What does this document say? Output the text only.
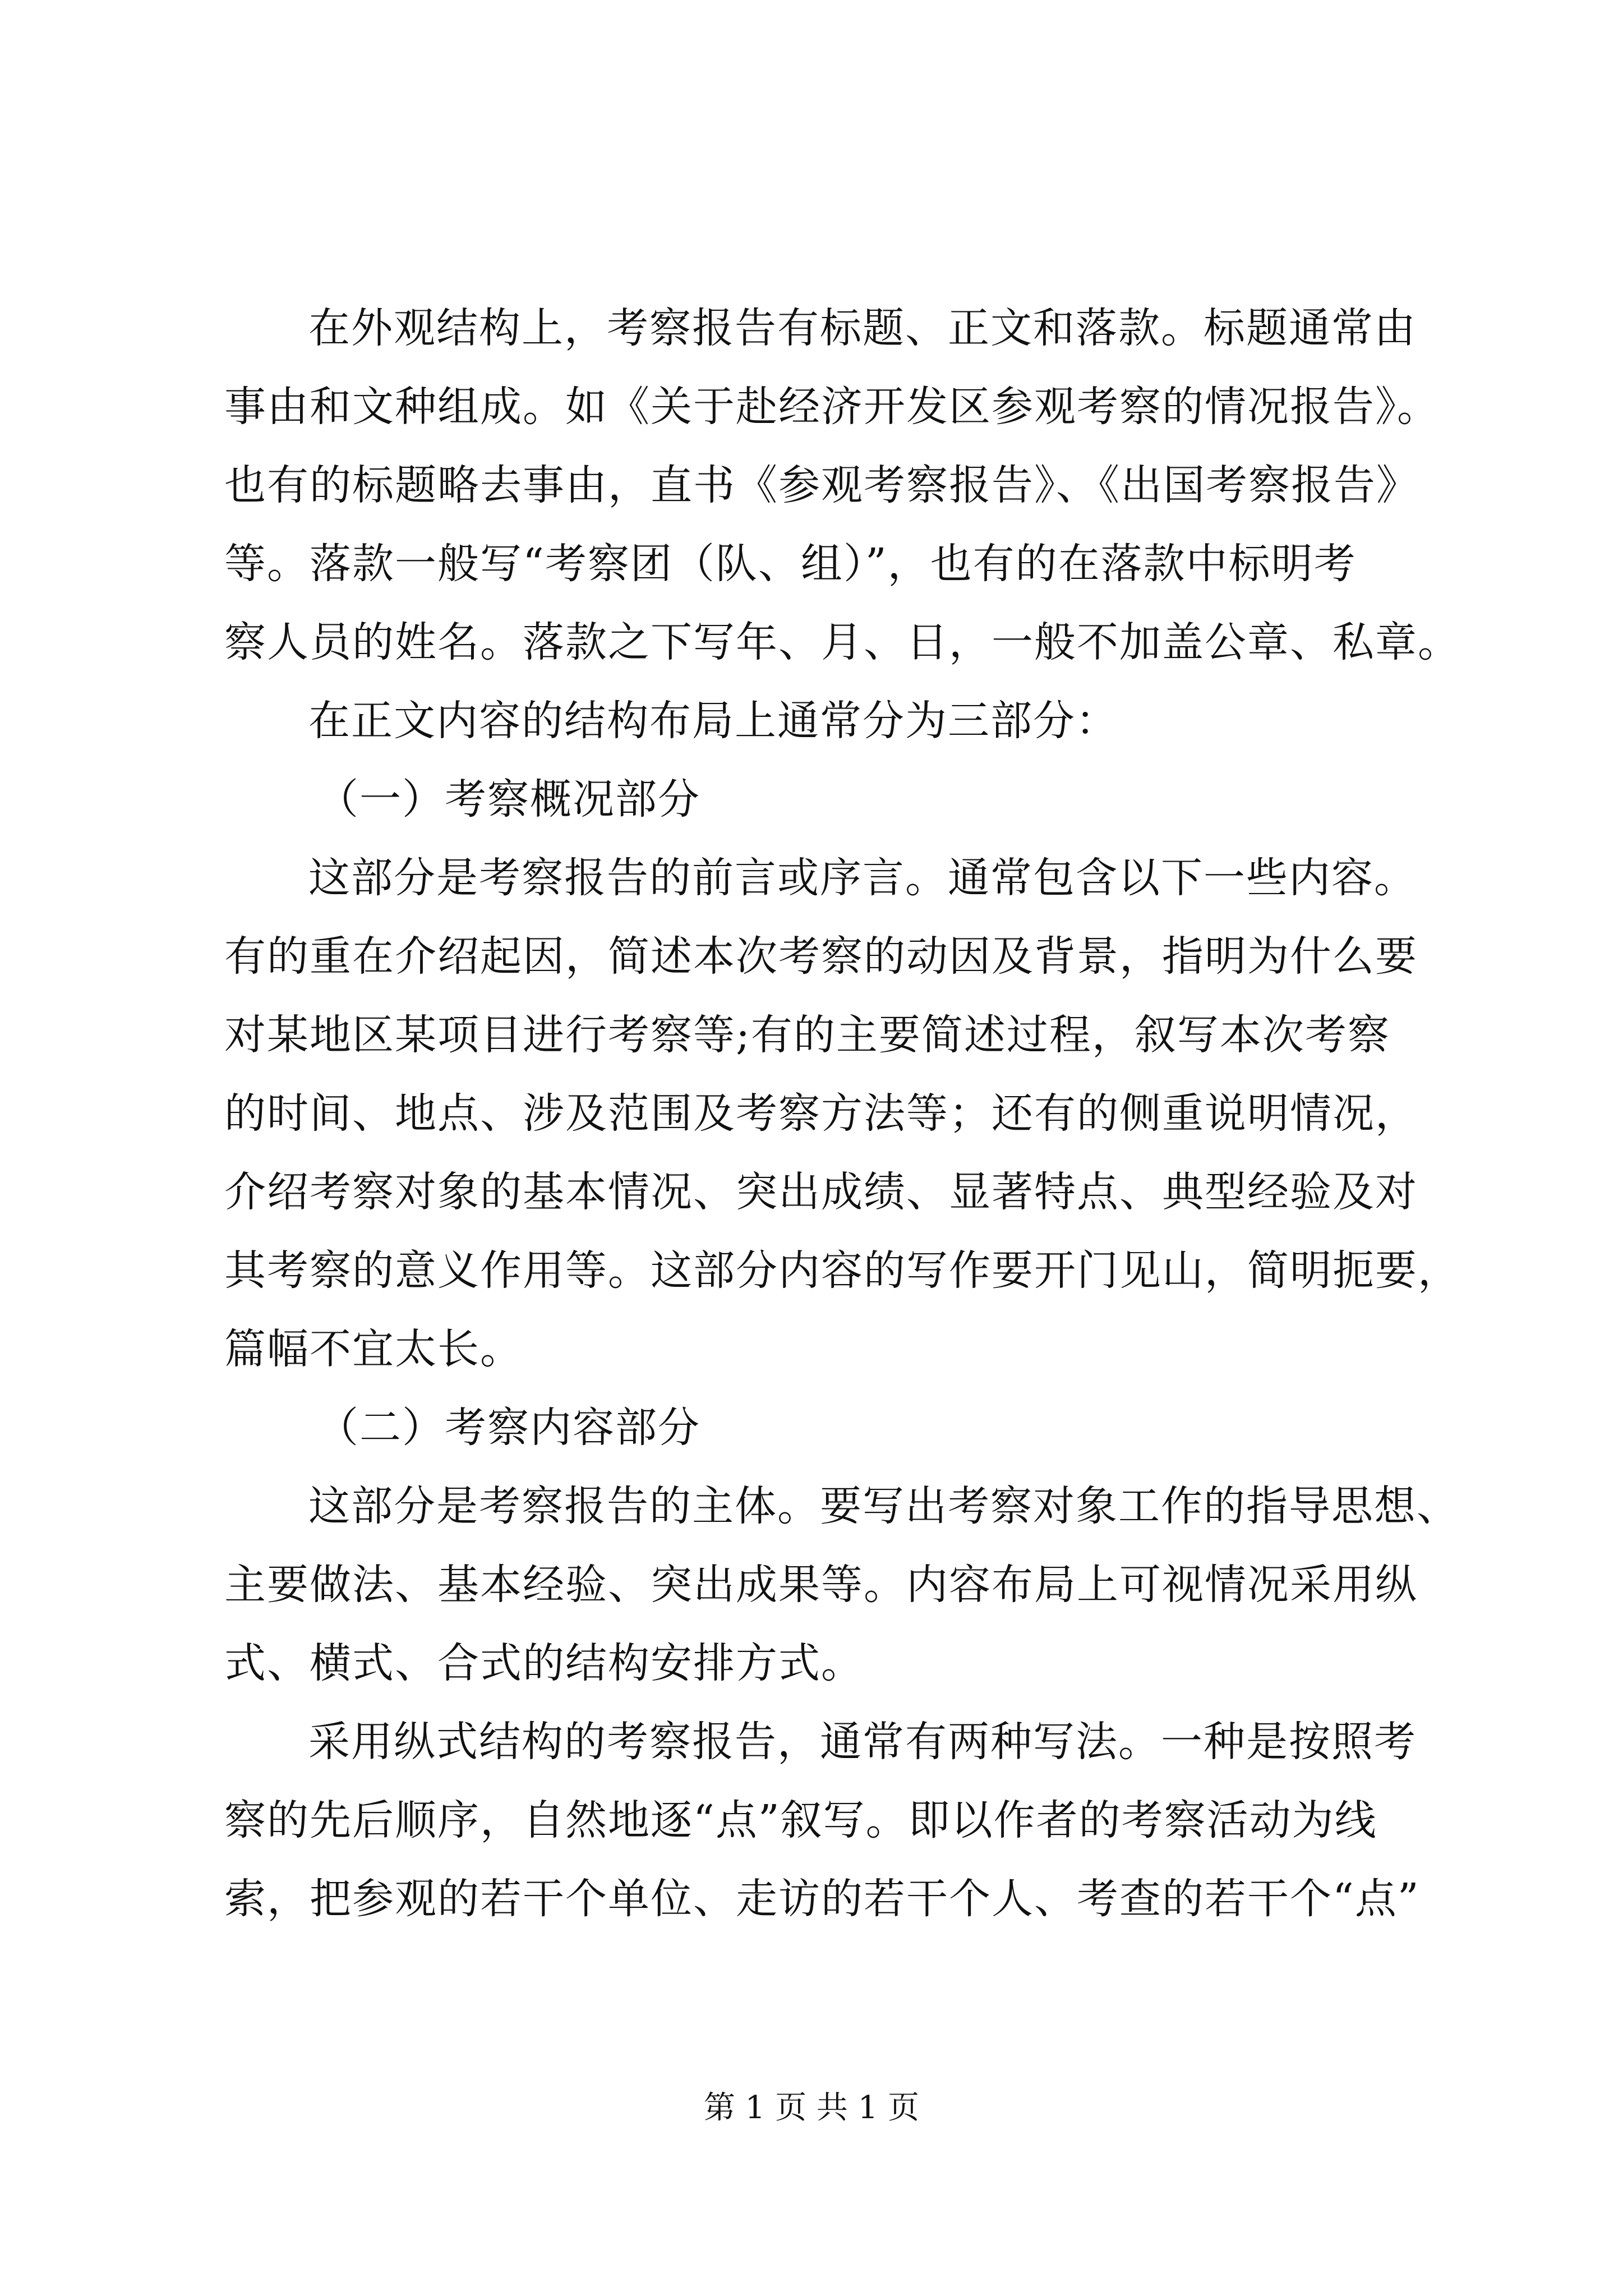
在外观结构上，考察报告有标题、正文和落款。标题通常由
事由和文种组成。如《关于赴经济开发区参观考察的情况报告》。
也有的标题略去事由，直书《参观考察报告》、《出国考察报告》
等。落款一般写“考察团（队、组）”，也有的在落款中标明考
察人员的姓名。落款之下写年、月、日，一般不加盖公章、私章。
在正文内容的结构布局上通常分为三部分：
（一）考察概况部分
这部分是考察报告的前言或序言。通常包含以下一些内容。
有的重在介绍起因，简述本次考察的动因及背景，指明为什么要
对某地区某项目进行考察等;有的主要简述过程，叙写本次考察
的时间、地点、涉及范围及考察方法等；还有的侧重说明情况，
介绍考察对象的基本情况、突出成绩、显著特点、典型经验及对
其考察的意义作用等。这部分内容的写作要开门见山，简明扼要，
篇幅不宜太长。
（二）考察内容部分
这部分是考察报告的主体。要写出考察对象工作的指导思想、
主要做法、基本经验、突出成果等。内容布局上可视情况采用纵
式、横式、合式的结构安排方式。
采用纵式结构的考察报告，通常有两种写法。一种是按照考
察的先后顺序，自然地逐“点”叙写。即以作者的考察活动为线
索，把参观的若干个单位、走访的若干个人、考查的若干个“点”
第 1 页 共 1 页
